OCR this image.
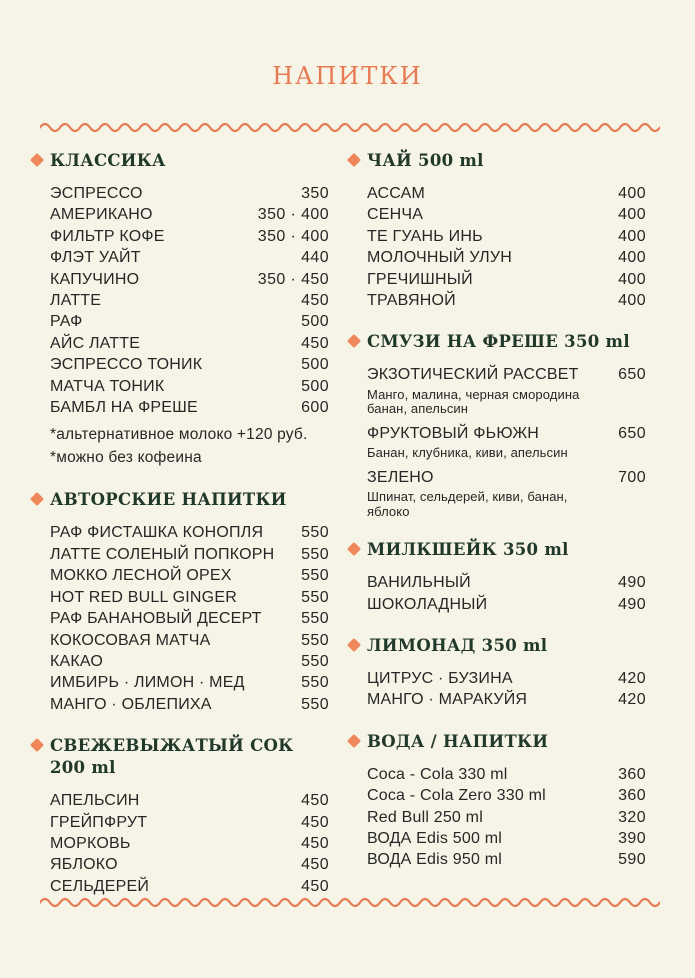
НАПИТКИ
КЛАССИКА
ЭСПРЕССО	350
АМЕРИКАНО	350 · 400
ФИЛЬТР КОФЕ	350 · 400
ФЛЭТ УАЙТ	440
КАПУЧИНО	350 · 450
ЛАТТЕ	450
РАФ	500
АЙС ЛАТТЕ	450
ЭСПРЕССО ТОНИК	500
МАТЧА ТОНИК	500
БАМБЛ НА ФРЕШЕ	600
*альтернативное молоко +120 руб.
*можно без кофеина
АВТОРСКИЕ НАПИТКИ
РАФ ФИСТАШКА КОНОПЛЯ	550
ЛАТТЕ СОЛЕНЫЙ ПОПКОРН	550
МОККО ЛЕСНОЙ ОРЕХ	550
HOT RED BULL GINGER	550
РАФ БАНАНОВЫЙ ДЕСЕРТ	550
КОКОСОВАЯ МАТЧА	550
КАКАО	550
ИМБИРЬ · ЛИМОН · МЕД	550
МАНГО · ОБЛЕПИХА	550
СВЕЖЕВЫЖАТЫЙ СОК 200 ml
АПЕЛЬСИН	450
ГРЕЙПФРУТ	450
МОРКОВЬ	450
ЯБЛОКО	450
СЕЛЬДЕРЕЙ	450
ЧАЙ 500 ml
АССАМ	400
СЕНЧА	400
ТЕ ГУАНЬ ИНЬ	400
МОЛОЧНЫЙ УЛУН	400
ГРЕЧИШНЫЙ	400
ТРАВЯНОЙ	400
СМУЗИ НА ФРЕШЕ 350 ml
ЭКЗОТИЧЕСКИЙ РАССВЕТ	650
Манго, малина, черная смородина банан, апельсин
ФРУКТОВЫЙ ФЬЮЖН	650
Банан, клубника, киви, апельсин
ЗЕЛЕНО	700
Шпинат, сельдерей, киви, банан, яблоко
МИЛКШЕЙК 350 ml
ВАНИЛЬНЫЙ	490
ШОКОЛАДНЫЙ	490
ЛИМОНАД 350 ml
ЦИТРУС · БУЗИНА	420
МАНГО · МАРАКУЙЯ	420
ВОДА / НАПИТКИ
Coca - Cola 330 ml	360
Coca - Cola Zero 330 ml	360
Red Bull 250 ml	320
ВОДА Edis 500 ml	390
ВОДА Edis 950 ml	590
